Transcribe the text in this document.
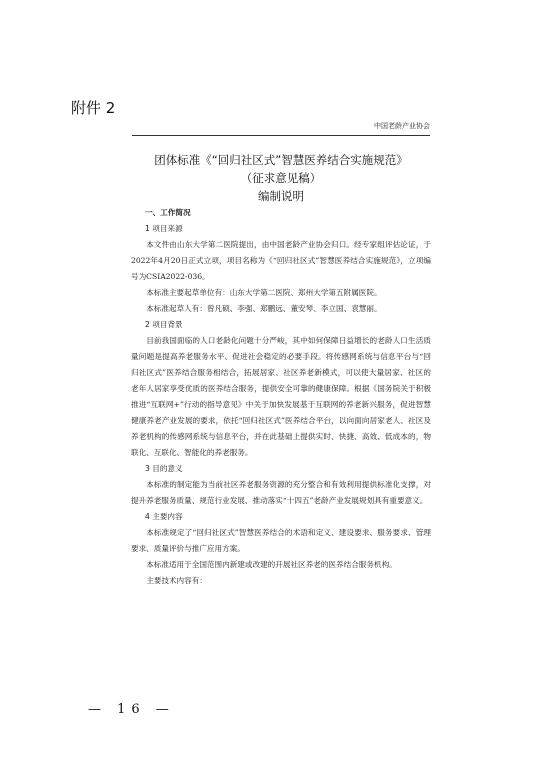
附件 2
中国老龄产业协会
团体标准《“回归社区式”智慧医养结合实施规范》
（征求意见稿）
编制说明
一、工作简况
1 项目来源

本文件由山东大学第二医院提出，由中国老龄产业协会归口。经专家组评估论证，于2022年4月20日正式立项，项目名称为《“回归社区式”智慧医养结合实施规范》，立项编号为CSIA2022-036。

本标准主要起草单位有：山东大学第二医院、郑州大学第五附属医院。

本标准起草人有：曾凡硕、李强、郑鹏远、董安琴、李立国、袁慧丽。

2 项目背景

目前我国面临的人口老龄化问题十分严峻，其中如何保障日益增长的老龄人口生活质量问题是提高养老服务水平、促进社会稳定的必要手段。将传感网系统与信息平台与“回归社区式”医养结合服务相结合，拓展居家、社区养老新模式，可以使大量居家、社区的老年人居家享受优质的医养结合服务，提供安全可靠的健康保障。根据《国务院关于积极推进“互联网+”行动的指导意见》中关于加快发展基于互联网的养老新兴服务，促进智慧健康养老产业发展的要求，依托“回归社区式”医养结合平台，以向面向居家老人、社区及养老机构的传感网系统与信息平台，并在此基础上提供实时、快捷、高效、低成本的，物联化、互联化、智能化的养老服务。

3 目的意义

本标准的制定能为当前社区养老服务资源的充分整合和有效利用提供标准化支撑，对提升养老服务质量、规范行业发展、推动落实“十四五”老龄产业发展规划具有重要意义。

4 主要内容

本标准规定了“回归社区式”智慧医养结合的术语和定义、建设要求、服务要求、管理要求、质量评价与推广应用方案。

本标准适用于全国范围内新建或改建的开展社区养老的医养结合服务机构。

主要技术内容有：

— 16 —
